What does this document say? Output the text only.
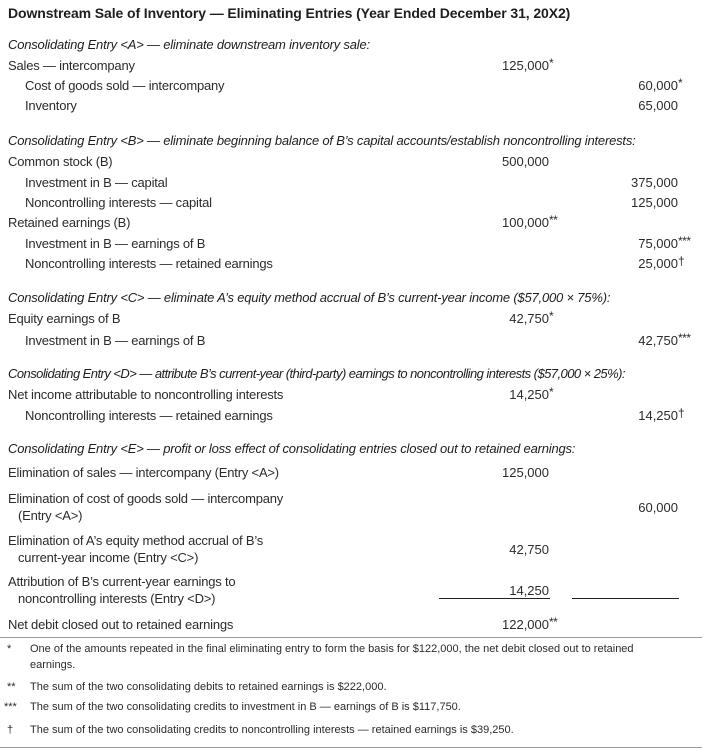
Downstream Sale of Inventory — Eliminating Entries (Year Ended December 31, 20X2)
Consolidating Entry <A> — eliminate downstream inventory sale:
Sales — intercompany	125,000 *
Cost of goods sold — intercompany	60,000 *
Inventory	65,000
Consolidating Entry <B> — eliminate beginning balance of B’s capital accounts/establish noncontrolling interests:
Common stock (B)	500,000
Investment in B — capital	375,000
Noncontrolling interests — capital	125,000
Retained earnings (B)	100,000 **
Investment in B — earnings of B	75,000 ***
Noncontrolling interests — retained earnings	25,000 †
Consolidating Entry <C> — eliminate A’s equity method accrual of B’s current-year income ($57,000 × 75%):
Equity earnings of B	42,750 *
Investment in B — earnings of B	42,750 ***
Consolidating Entry <D> — attribute B’s current-year (third-party) earnings to noncontrolling interests ($57,000 × 25%):
Net income attributable to noncontrolling interests	14,250 *
Noncontrolling interests — retained earnings	14,250 †
Consolidating Entry <E> — profit or loss effect of consolidating entries closed out to retained earnings:
Elimination of sales — intercompany (Entry <A>)	125,000
Elimination of cost of goods sold — intercompany
(Entry <A>)
60,000
Elimination of A’s equity method accrual of B’s
current-year income (Entry <C>)
42,750
Attribution of B’s current-year earnings to
noncontrolling interests (Entry <D>)
14,250
Net debit closed out to retained earnings	122,000 **
* One of the amounts repeated in the final eliminating entry to form the basis for $122,000, the net debit closed out to retained earnings.
** The sum of the two consolidating debits to retained earnings is $222,000.
*** The sum of the two consolidating credits to investment in B — earnings of B is $117,750.
† The sum of the two consolidating credits to noncontrolling interests — retained earnings is $39,250.
